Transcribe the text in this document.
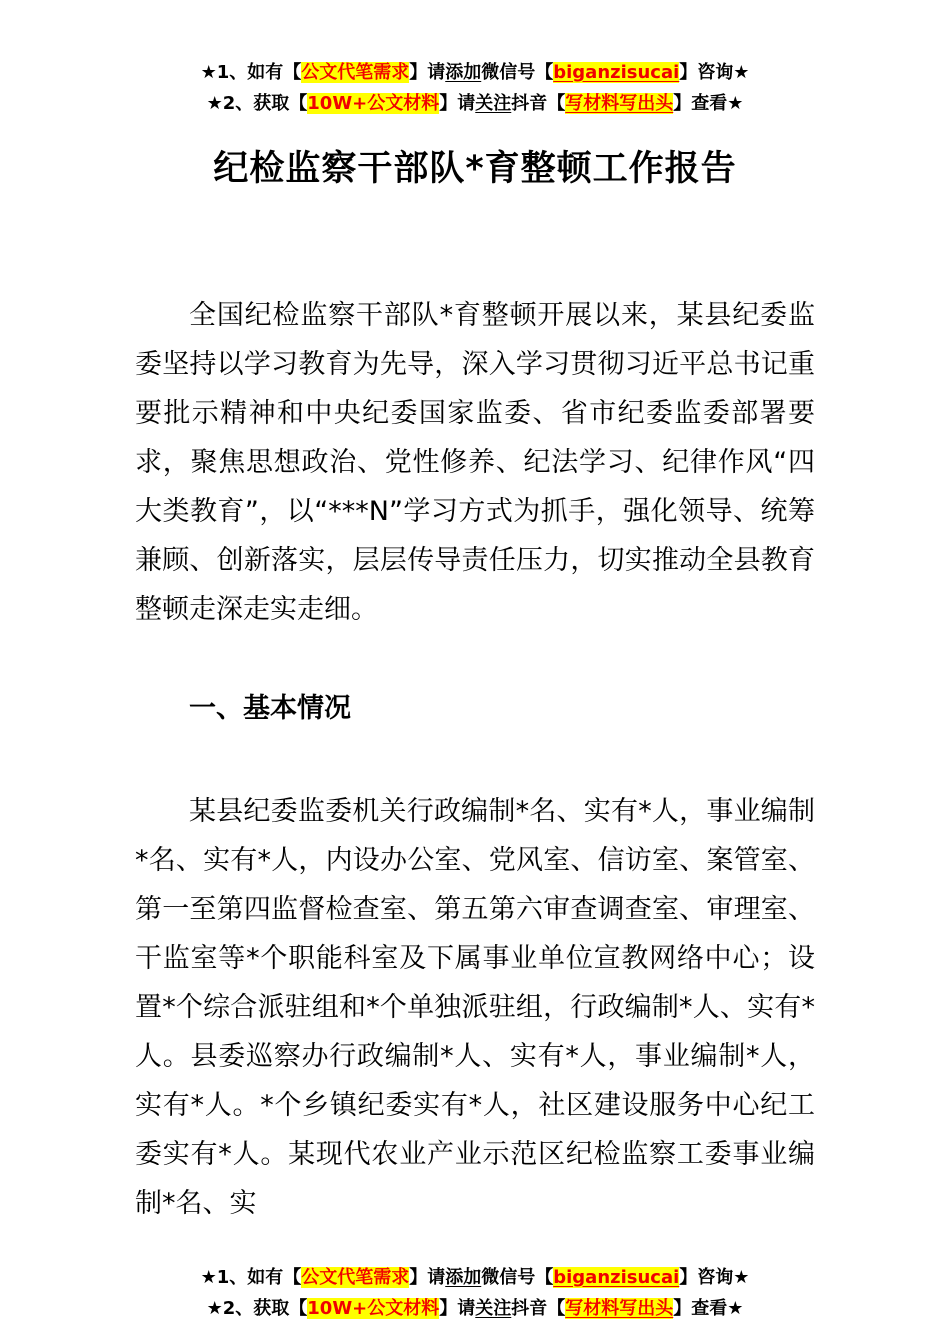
★1、如有【公文代笔需求】请添加微信号【biganzisucai】咨询★
★2、获取【10W+公文材料】请关注抖音【写材料写出头】查看★
纪检监察干部队*育整顿工作报告

全国纪检监察干部队*育整顿开展以来，某县纪委监委坚持以学习教育为先导，深入学习贯彻习近平总书记重要批示精神和中央纪委国家监委、省市纪委监委部署要求，聚焦思想政治、党性修养、纪法学习、纪律作风“四大类教育”，以“***N”学习方式为抓手，强化领导、统筹兼顾、创新落实，层层传导责任压力，切实推动全县教育整顿走深走实走细。

一、基本情况

某县纪委监委机关行政编制*名、实有*人，事业编制*名、实有*人，内设办公室、党风室、信访室、案管室、第一至第四监督检查室、第五第六审查调查室、审理室、干监室等*个职能科室及下属事业单位宣教网络中心；设置*个综合派驻组和*个单独派驻组，行政编制*人、实有*人。县委巡察办行政编制*人、实有*人，事业编制*人，实有*人。*个乡镇纪委实有*人，社区建设服务中心纪工委实有*人。某现代农业产业示范区纪检监察工委事业编制*名、实

★1、如有【公文代笔需求】请添加微信号【biganzisucai】咨询★
★2、获取【10W+公文材料】请关注抖音【写材料写出头】查看★
